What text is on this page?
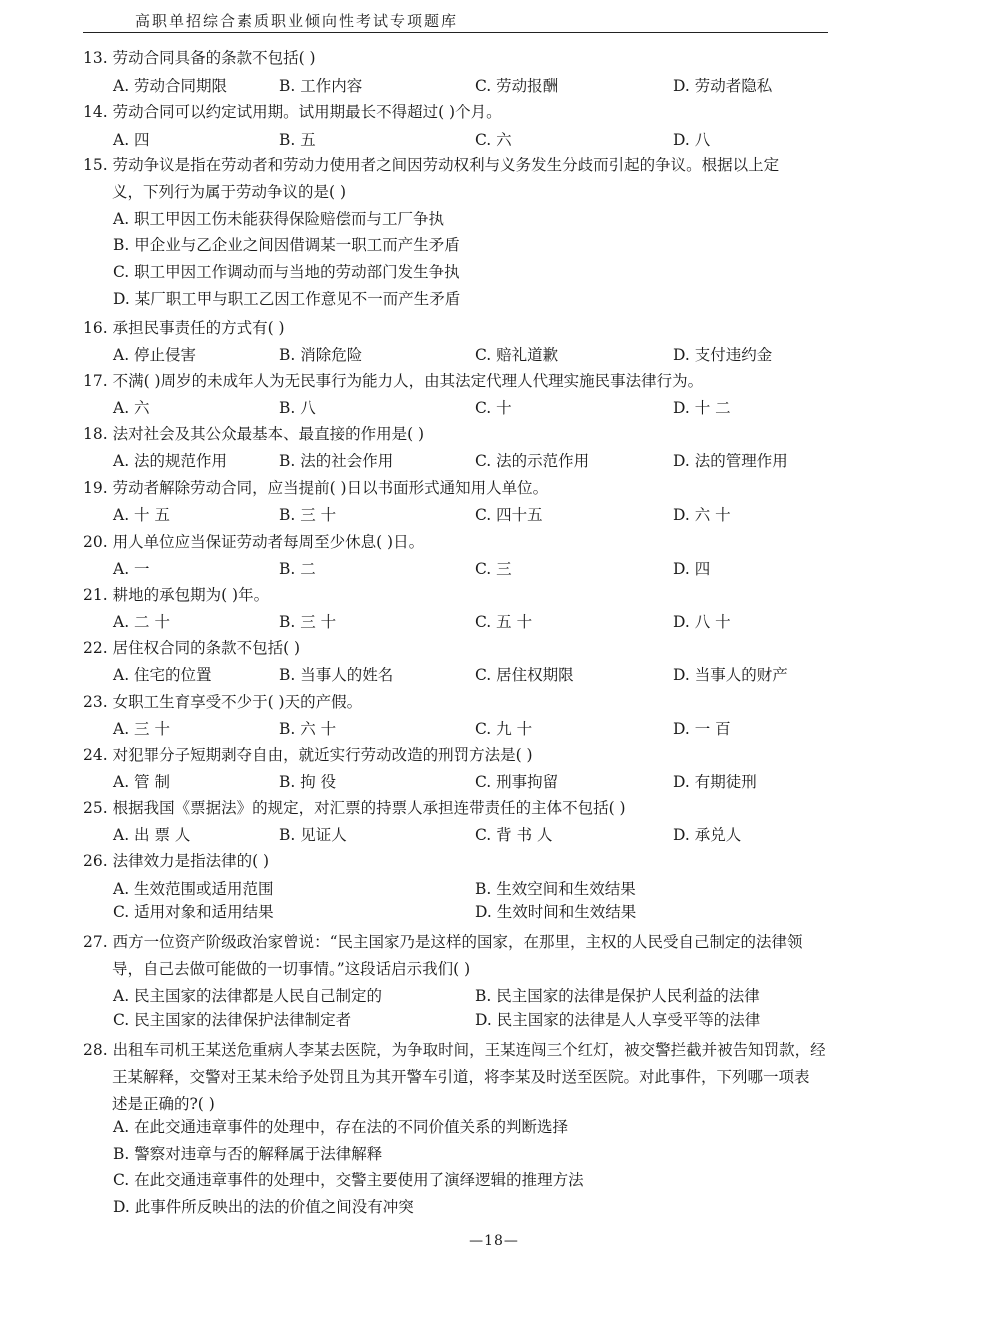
高职单招综合素质职业倾向性考试专项题库
13. 劳动合同具备的条款不包括( )
A. 劳动合同期限	B. 工作内容	C. 劳动报酬	D. 劳动者隐私
14. 劳动合同可以约定试用期。试用期最长不得超过( )个月。
A. 四	B. 五	C. 六	D. 八
15. 劳动争议是指在劳动者和劳动力使用者之间因劳动权利与义务发生分歧而引起的争议。根据以上定
义，下列行为属于劳动争议的是( )
A. 职工甲因工伤未能获得保险赔偿而与工厂争执
B. 甲企业与乙企业之间因借调某一职工而产生矛盾
C. 职工甲因工作调动而与当地的劳动部门发生争执
D. 某厂职工甲与职工乙因工作意见不一而产生矛盾
16. 承担民事责任的方式有( )
A. 停止侵害	B. 消除危险	C. 赔礼道歉	D. 支付违约金
17. 不满( )周岁的未成年人为无民事行为能力人，由其法定代理人代理实施民事法律行为。
A. 六	B. 八	C. 十	D. 十 二
18. 法对社会及其公众最基本、最直接的作用是( )
A. 法的规范作用	B. 法的社会作用	C. 法的示范作用	D. 法的管理作用
19. 劳动者解除劳动合同，应当提前( )日以书面形式通知用人单位。
A. 十 五	B. 三 十	C. 四十五	D. 六 十
20. 用人单位应当保证劳动者每周至少休息( )日。
A. 一	B. 二	C. 三	D. 四
21. 耕地的承包期为( )年。
A. 二 十	B. 三 十	C. 五 十	D. 八 十
22. 居住权合同的条款不包括( )
A. 住宅的位置	B. 当事人的姓名	C. 居住权期限	D. 当事人的财产
23. 女职工生育享受不少于( )天的产假。
A. 三 十	B. 六 十	C. 九 十	D. 一 百
24. 对犯罪分子短期剥夺自由，就近实行劳动改造的刑罚方法是( )
A. 管 制	B. 拘 役	C. 刑事拘留	D. 有期徒刑
25. 根据我国《票据法》的规定，对汇票的持票人承担连带责任的主体不包括( )
A. 出 票 人	B. 见证人	C. 背 书 人	D. 承兑人
26. 法律效力是指法律的( )
A. 生效范围或适用范围	B. 生效空间和生效结果
C. 适用对象和适用结果	D. 生效时间和生效结果
27. 西方一位资产阶级政治家曾说：“民主国家乃是这样的国家，在那里，主权的人民受自己制定的法律领
导，自己去做可能做的一切事情。”这段话启示我们( )
A. 民主国家的法律都是人民自己制定的	B. 民主国家的法律是保护人民利益的法律
C. 民主国家的法律保护法律制定者	D. 民主国家的法律是人人享受平等的法律
28. 出租车司机王某送危重病人李某去医院，为争取时间，王某连闯三个红灯，被交警拦截并被告知罚款，经
王某解释，交警对王某未给予处罚且为其开警车引道，将李某及时送至医院。对此事件，下列哪一项表
述是正确的?( )
A. 在此交通违章事件的处理中，存在法的不同价值关系的判断选择
B. 警察对违章与否的解释属于法律解释
C. 在此交通违章事件的处理中，交警主要使用了演绎逻辑的推理方法
D. 此事件所反映出的法的价值之间没有冲突
—18—
